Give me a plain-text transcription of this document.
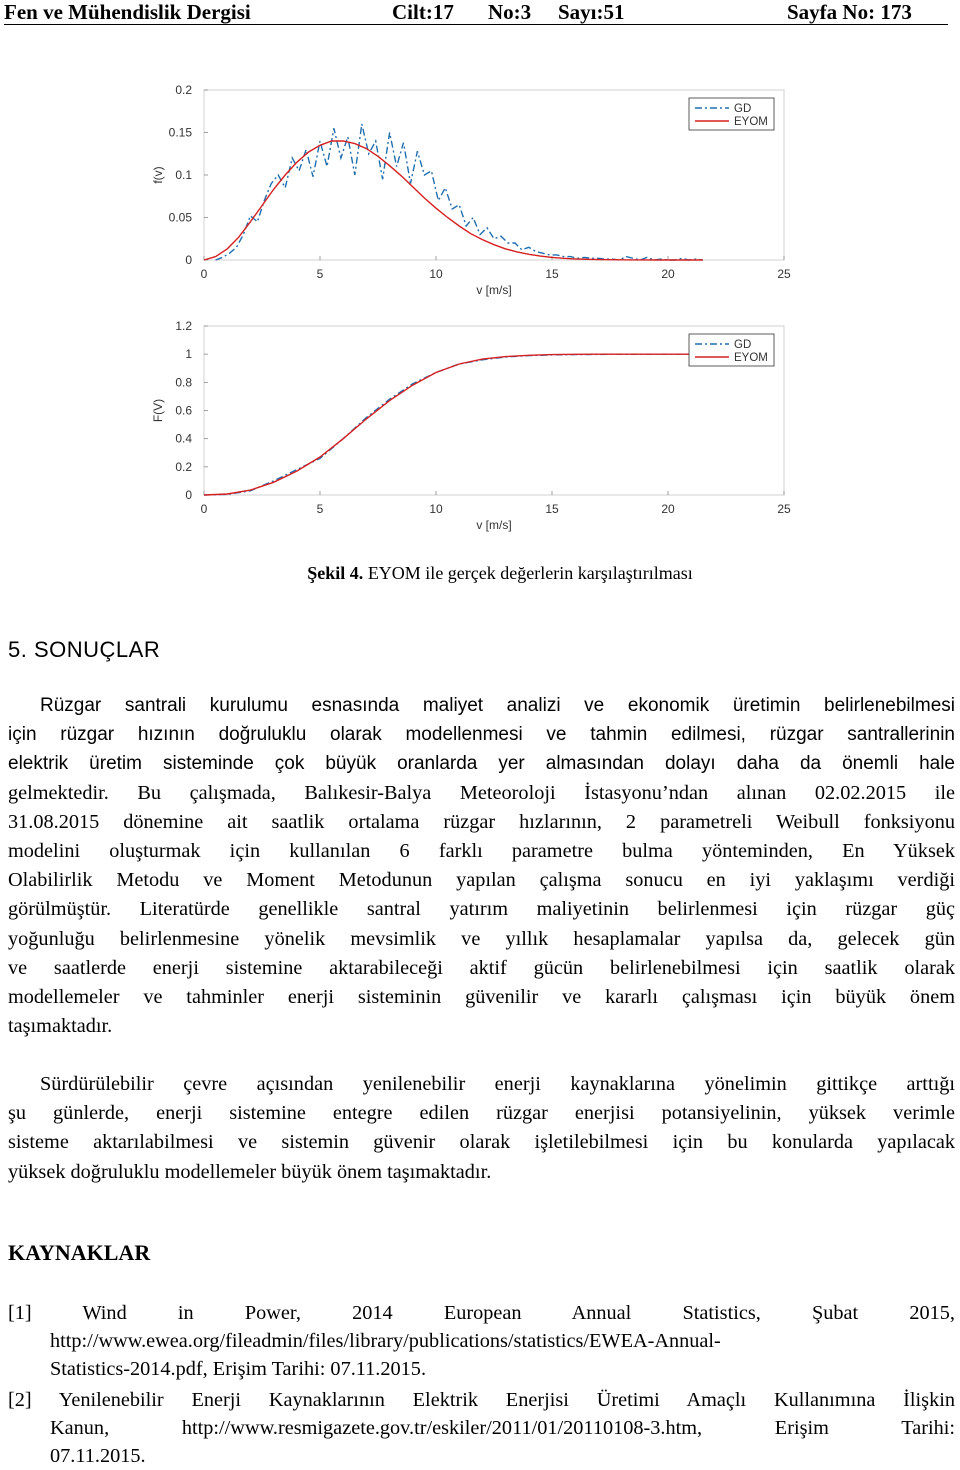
Fen ve Mühendislik Dergisi	Cilt:17 No:3 Sayı:51	Sayfa No: 173
0	5	10	15	20	25
0
0.05
0.1
0.15
0.2
v [m/s]
f(v)
GD
EYOM
0	5	10	15	20	25
0
0.2
0.4
0.6
0.8
1
1.2
v [m/s]
F(V)
GD
EYOM
Şekil 4. EYOM ile gerçek değerlerin karşılaştırılması
5. SONUÇLAR
Rüzgar santrali kurulumu esnasında maliyet analizi ve ekonomik üretimin belirlenebilmesi
için rüzgar hızının doğruluklu olarak modellenmesi ve tahmin edilmesi, rüzgar santrallerinin
elektrik üretim sisteminde çok büyük oranlarda yer almasından dolayı daha da önemli hale
gelmektedir. Bu çalışmada, Balıkesir-Balya Meteoroloji İstasyonu’ndan alınan 02.02.2015 ile
31.08.2015 dönemine ait saatlik ortalama rüzgar hızlarının, 2 parametreli Weibull fonksiyonu
modelini oluşturmak için kullanılan 6 farklı parametre bulma yönteminden, En Yüksek
Olabilirlik Metodu ve Moment Metodunun yapılan çalışma sonucu en iyi yaklaşımı verdiği
görülmüştür. Literatürde genellikle santral yatırım maliyetinin belirlenmesi için rüzgar güç
yoğunluğu belirlenmesine yönelik mevsimlik ve yıllık hesaplamalar yapılsa da, gelecek gün
ve saatlerde enerji sistemine aktarabileceği aktif gücün belirlenebilmesi için saatlik olarak
modellemeler ve tahminler enerji sisteminin güvenilir ve kararlı çalışması için büyük önem
taşımaktadır.
Sürdürülebilir çevre açısından yenilenebilir enerji kaynaklarına yönelimin gittikçe arttığı
şu günlerde, enerji sistemine entegre edilen rüzgar enerjisi potansiyelinin, yüksek verimle
sisteme aktarılabilmesi ve sistemin güvenir olarak işletilebilmesi için bu konularda yapılacak
yüksek doğruluklu modellemeler büyük önem taşımaktadır.
KAYNAKLAR
[1] Wind in Power, 2014 European Annual Statistics, Şubat 2015,
http://www.ewea.org/fileadmin/files/library/publications/statistics/EWEA-Annual-
Statistics-2014.pdf, Erişim Tarihi: 07.11.2015.
[2] Yenilenebilir Enerji Kaynaklarının Elektrik Enerjisi Üretimi Amaçlı Kullanımına İlişkin
Kanun, http://www.resmigazete.gov.tr/eskiler/2011/01/20110108-3.htm, Erişim Tarihi:
07.11.2015.
